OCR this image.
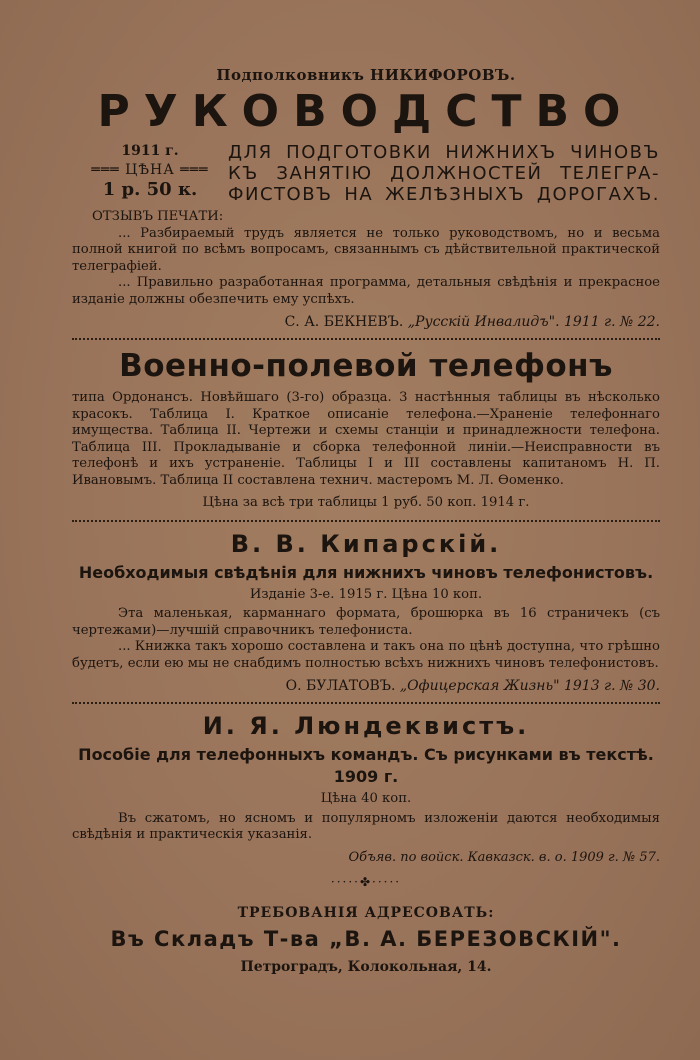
Подполковникъ НИКИФОРОВЪ.

РУКОВОДСТВО

1911 г.
═══ ЦѢНА ═══
1 р. 50 к.
ДЛЯ ПОДГОТОВКИ НИЖНИХЪ ЧИНОВЪ
КЪ ЗАНЯТІЮ ДОЛЖНОСТЕЙ ТЕЛЕГРА-
ФИСТОВЪ НА ЖЕЛѢЗНЫХЪ ДОРОГАХЪ.

ОТЗЫВЪ ПЕЧАТИ:

... Разбираемый трудъ является не только руководствомъ, но и весьма полной книгой по всѣмъ вопросамъ, связаннымъ съ дѣйствительной практической телеграфіей.

... Правильно разработанная программа, детальныя свѣдѣнія и прекрасное изданіе должны обезпечить ему успѣхъ.

С. А. БЕКНЕВЪ. „Русскій Инвалидъ". 1911 г. № 22.

Военно-полевой телефонъ

типа Ордонансъ. Новѣйшаго (3-го) образца. 3 настѣнныя таблицы въ нѣсколько красокъ. Таблица I. Краткое описаніе телефона.—Храненіе телефоннаго имущества. Таблица II. Чертежи и схемы станціи и принадлежности телефона. Таблица III. Прокладываніе и сборка телефонной линіи.—Неисправности въ телефонѣ и ихъ устраненіе. Таблицы I и III составлены капитаномъ Н. П. Ивановымъ. Таблица II составлена технич. мастеромъ М. Л. Ѳоменко.

Цѣна за всѣ три таблицы 1 руб. 50 коп. 1914 г.

В. В. Кипарскій.

Необходимыя свѣдѣнія для нижнихъ чиновъ телефонистовъ.

Изданіе 3-е. 1915 г. Цѣна 10 коп.

Эта маленькая, карманнаго формата, брошюрка въ 16 страничекъ (съ чертежами)—лучшій справочникъ телефониста.

... Книжка такъ хорошо составлена и такъ она по цѣнѣ доступна, что грѣшно будетъ, если ею мы не снабдимъ полностью всѣхъ нижнихъ чиновъ телефонистовъ.

О. БУЛАТОВЪ. „Офицерская Жизнь" 1913 г. № 30.

И. Я. Люндеквистъ.

Пособіе для телефонныхъ командъ. Съ рисунками въ текстѣ. 1909 г.

Цѣна 40 коп.

Въ сжатомъ, но ясномъ и популярномъ изложеніи даются необходимыя свѣдѣнія и практическія указанія.

Объяв. по войск. Кавказск. в. о. 1909 г. № 57.

·····✤·····

ТРЕБОВАНІЯ АДРЕСОВАТЬ:

Въ Складъ Т-ва „В. А. БЕРЕЗОВСКІЙ".

Петроградъ, Колокольная, 14.
